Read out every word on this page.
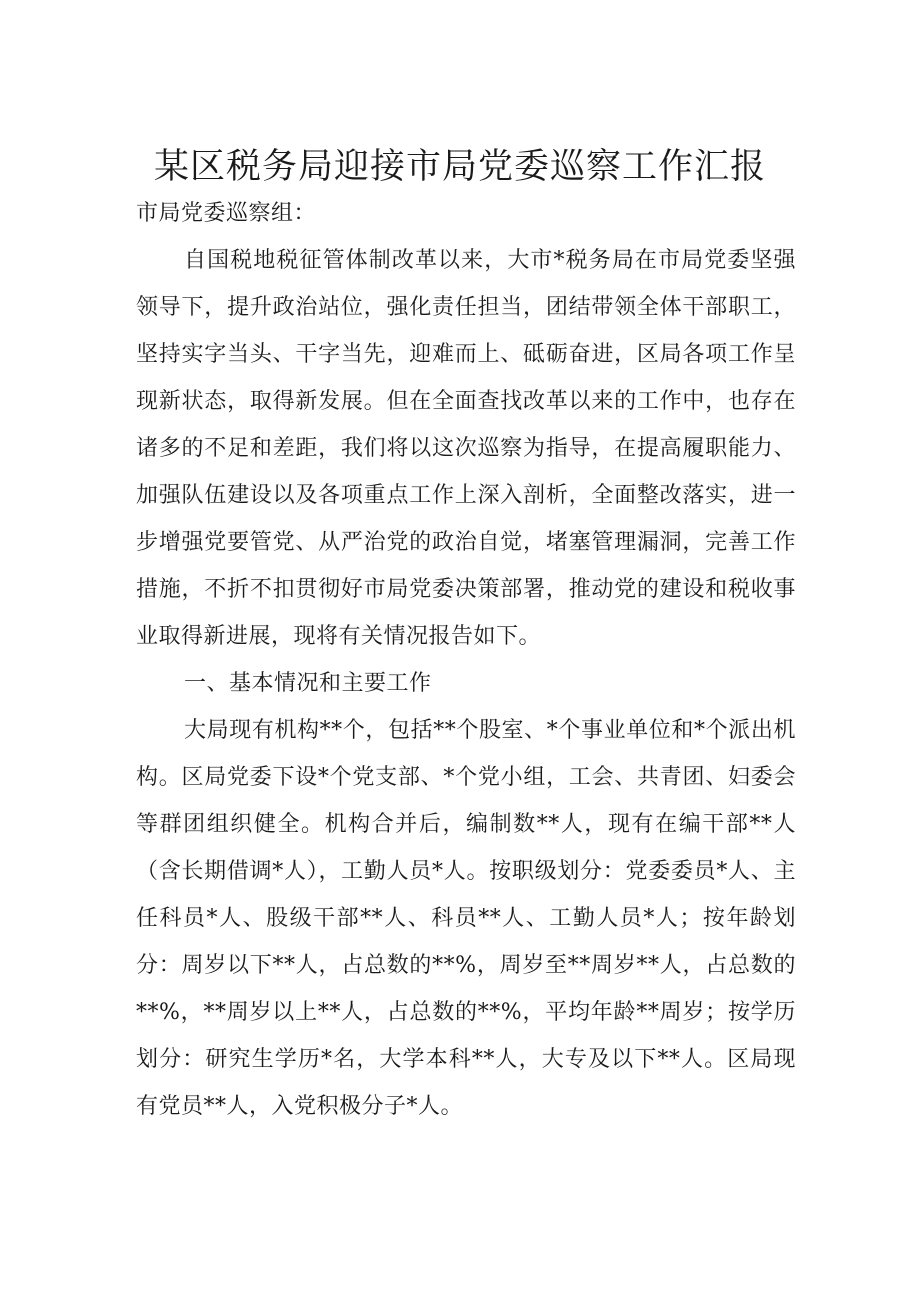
某区税务局迎接市局党委巡察工作汇报

市局党委巡察组：

自国税地税征管体制改革以来，大市*税务局在市局党委坚强领导下，提升政治站位，强化责任担当，团结带领全体干部职工，坚持实字当头、干字当先，迎难而上、砥砺奋进，区局各项工作呈现新状态，取得新发展。但在全面查找改革以来的工作中，也存在诸多的不足和差距，我们将以这次巡察为指导，在提高履职能力、加强队伍建设以及各项重点工作上深入剖析，全面整改落实，进一步增强党要管党、从严治党的政治自觉，堵塞管理漏洞，完善工作措施，不折不扣贯彻好市局党委决策部署，推动党的建设和税收事业取得新进展，现将有关情况报告如下。

一、基本情况和主要工作

大局现有机构**个，包括**个股室、*个事业单位和*个派出机构。区局党委下设*个党支部、*个党小组，工会、共青团、妇委会等群团组织健全。机构合并后，编制数**人，现有在编干部**人（含长期借调*人），工勤人员*人。按职级划分：党委委员*人、主任科员*人、股级干部**人、科员**人、工勤人员*人；按年龄划分：周岁以下**人，占总数的**%，周岁至**周岁**人，占总数的**%，**周岁以上**人，占总数的**%，平均年龄**周岁；按学历划分：研究生学历*名，大学本科**人，大专及以下**人。区局现有党员**人，入党积极分子*人。
